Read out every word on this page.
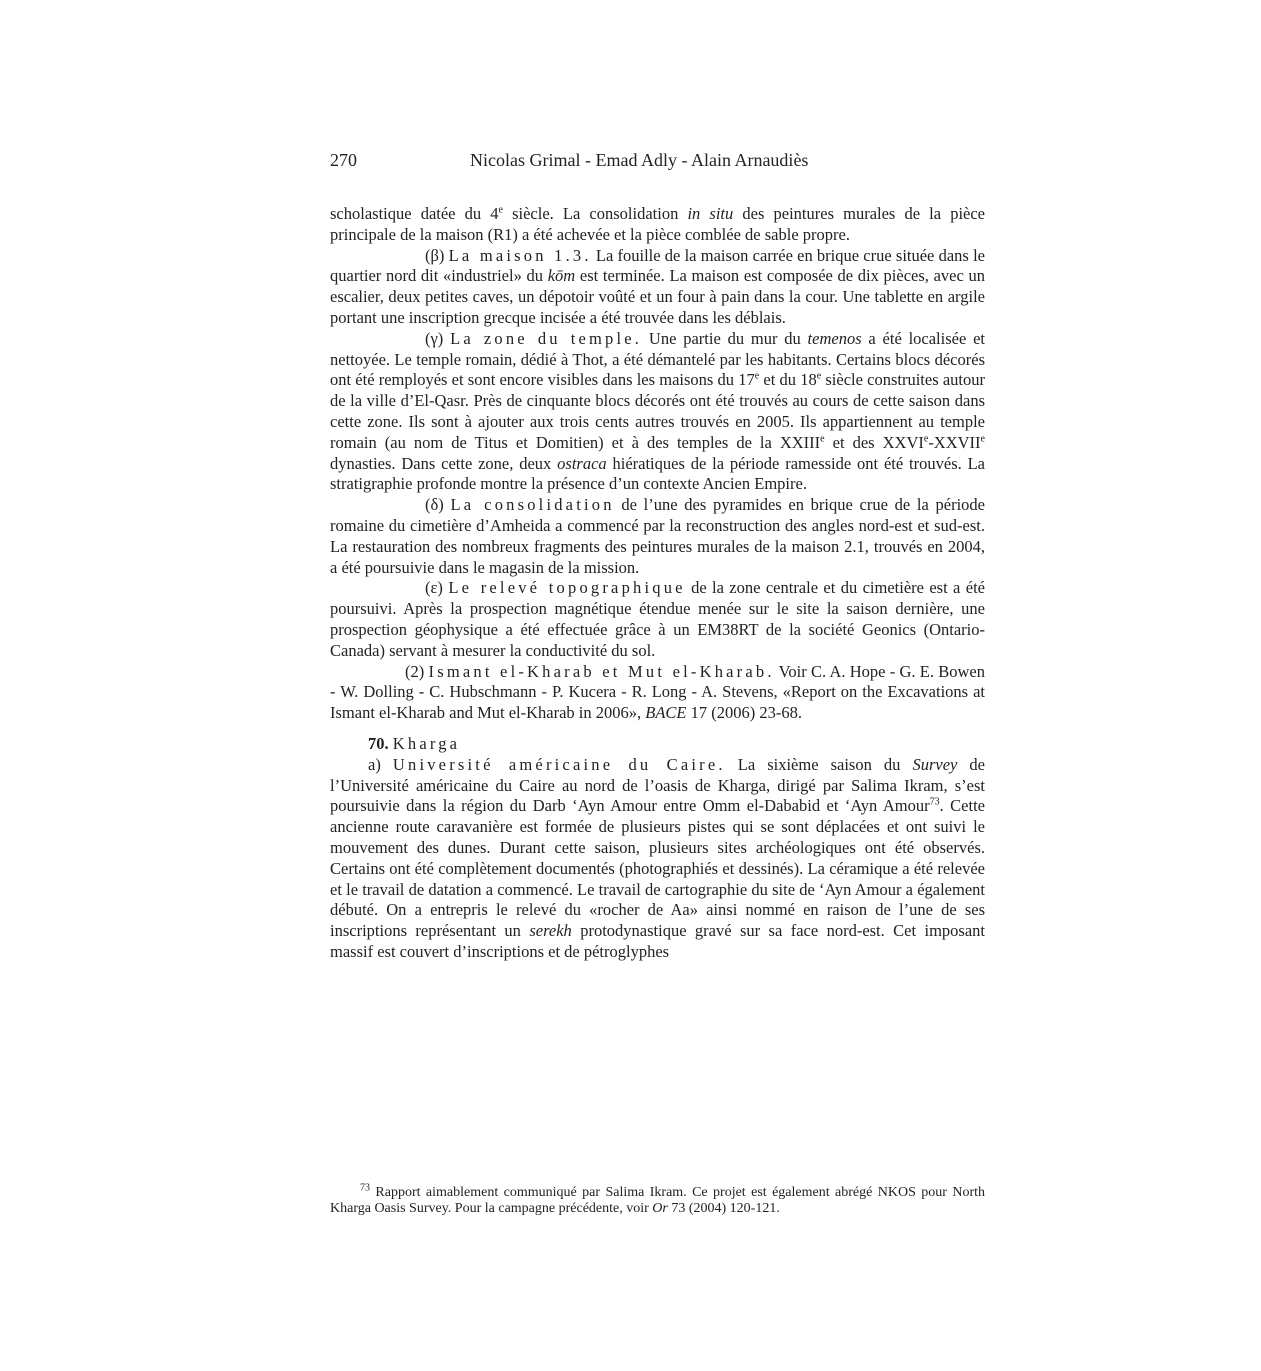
270	Nicolas Grimal - Emad Adly - Alain Arnaudiès

scholastique datée du 4e siècle. La consolidation in situ des peintures murales de la pièce principale de la maison (R1) a été achevée et la pièce comblée de sable propre.

(β) La maison 1.3. La fouille de la maison carrée en brique crue située dans le quartier nord dit «industriel» du kōm est terminée. La maison est composée de dix pièces, avec un escalier, deux petites caves, un dépotoir voûté et un four à pain dans la cour. Une tablette en argile portant une inscription grecque incisée a été trouvée dans les déblais.

(γ) La zone du temple. Une partie du mur du temenos a été localisée et nettoyée. Le temple romain, dédié à Thot, a été démantelé par les habitants. Certains blocs décorés ont été remployés et sont encore visibles dans les maisons du 17e et du 18e siècle construites autour de la ville d’El-Qasr. Près de cinquante blocs décorés ont été trouvés au cours de cette saison dans cette zone. Ils sont à ajouter aux trois cents autres trouvés en 2005. Ils appartiennent au temple romain (au nom de Titus et Domitien) et à des temples de la XXIIIe et des XXVIe-XXVIIe dynasties. Dans cette zone, deux ostraca hiératiques de la période ramesside ont été trouvés. La stratigraphie profonde montre la présence d’un contexte Ancien Empire.

(δ) La consolidation de l’une des pyramides en brique crue de la période romaine du cimetière d’Amheida a commencé par la reconstruction des angles nord-est et sud-est. La restauration des nombreux fragments des peintures murales de la maison 2.1, trouvés en 2004, a été poursuivie dans le magasin de la mission.

(ε) Le relevé topographique de la zone centrale et du cimetière est a été poursuivi. Après la prospection magnétique étendue menée sur le site la saison dernière, une prospection géophysique a été effectuée grâce à un EM38RT de la société Geonics (Ontario-Canada) servant à mesurer la conductivité du sol.

(2) Ismant el-Kharab et Mut el-Kharab. Voir C. A. Hope - G. E. Bowen - W. Dolling - C. Hubschmann - P. Kucera - R. Long - A. Stevens, «Report on the Excavations at Ismant el-Kharab and Mut el-Kharab in 2006», BACE 17 (2006) 23-68.

70. Kharga

a) Université américaine du Caire. La sixième saison du Survey de l’Université américaine du Caire au nord de l’oasis de Kharga, dirigé par Salima Ikram, s’est poursuivie dans la région du Darb ‘Ayn Amour entre Omm el-Dababid et ‘Ayn Amour$^{73}$. Cette ancienne route caravanière est formée de plusieurs pistes qui se sont déplacées et ont suivi le mouvement des dunes. Durant cette saison, plusieurs sites archéologiques ont été observés. Certains ont été complètement documentés (photographiés et dessinés). La céramique a été relevée et le travail de datation a commencé. Le travail de cartographie du site de ‘Ayn Amour a également débuté. On a entrepris le relevé du «rocher de Aa» ainsi nommé en raison de l’une de ses inscriptions représentant un serekh protodynastique gravé sur sa face nord-est. Cet imposant massif est couvert d’inscriptions et de pétroglyphes

$^{73}$ Rapport aimablement communiqué par Salima Ikram. Ce projet est également abrégé NKOS pour North Kharga Oasis Survey. Pour la campagne précédente, voir Or 73 (2004) 120-121.
